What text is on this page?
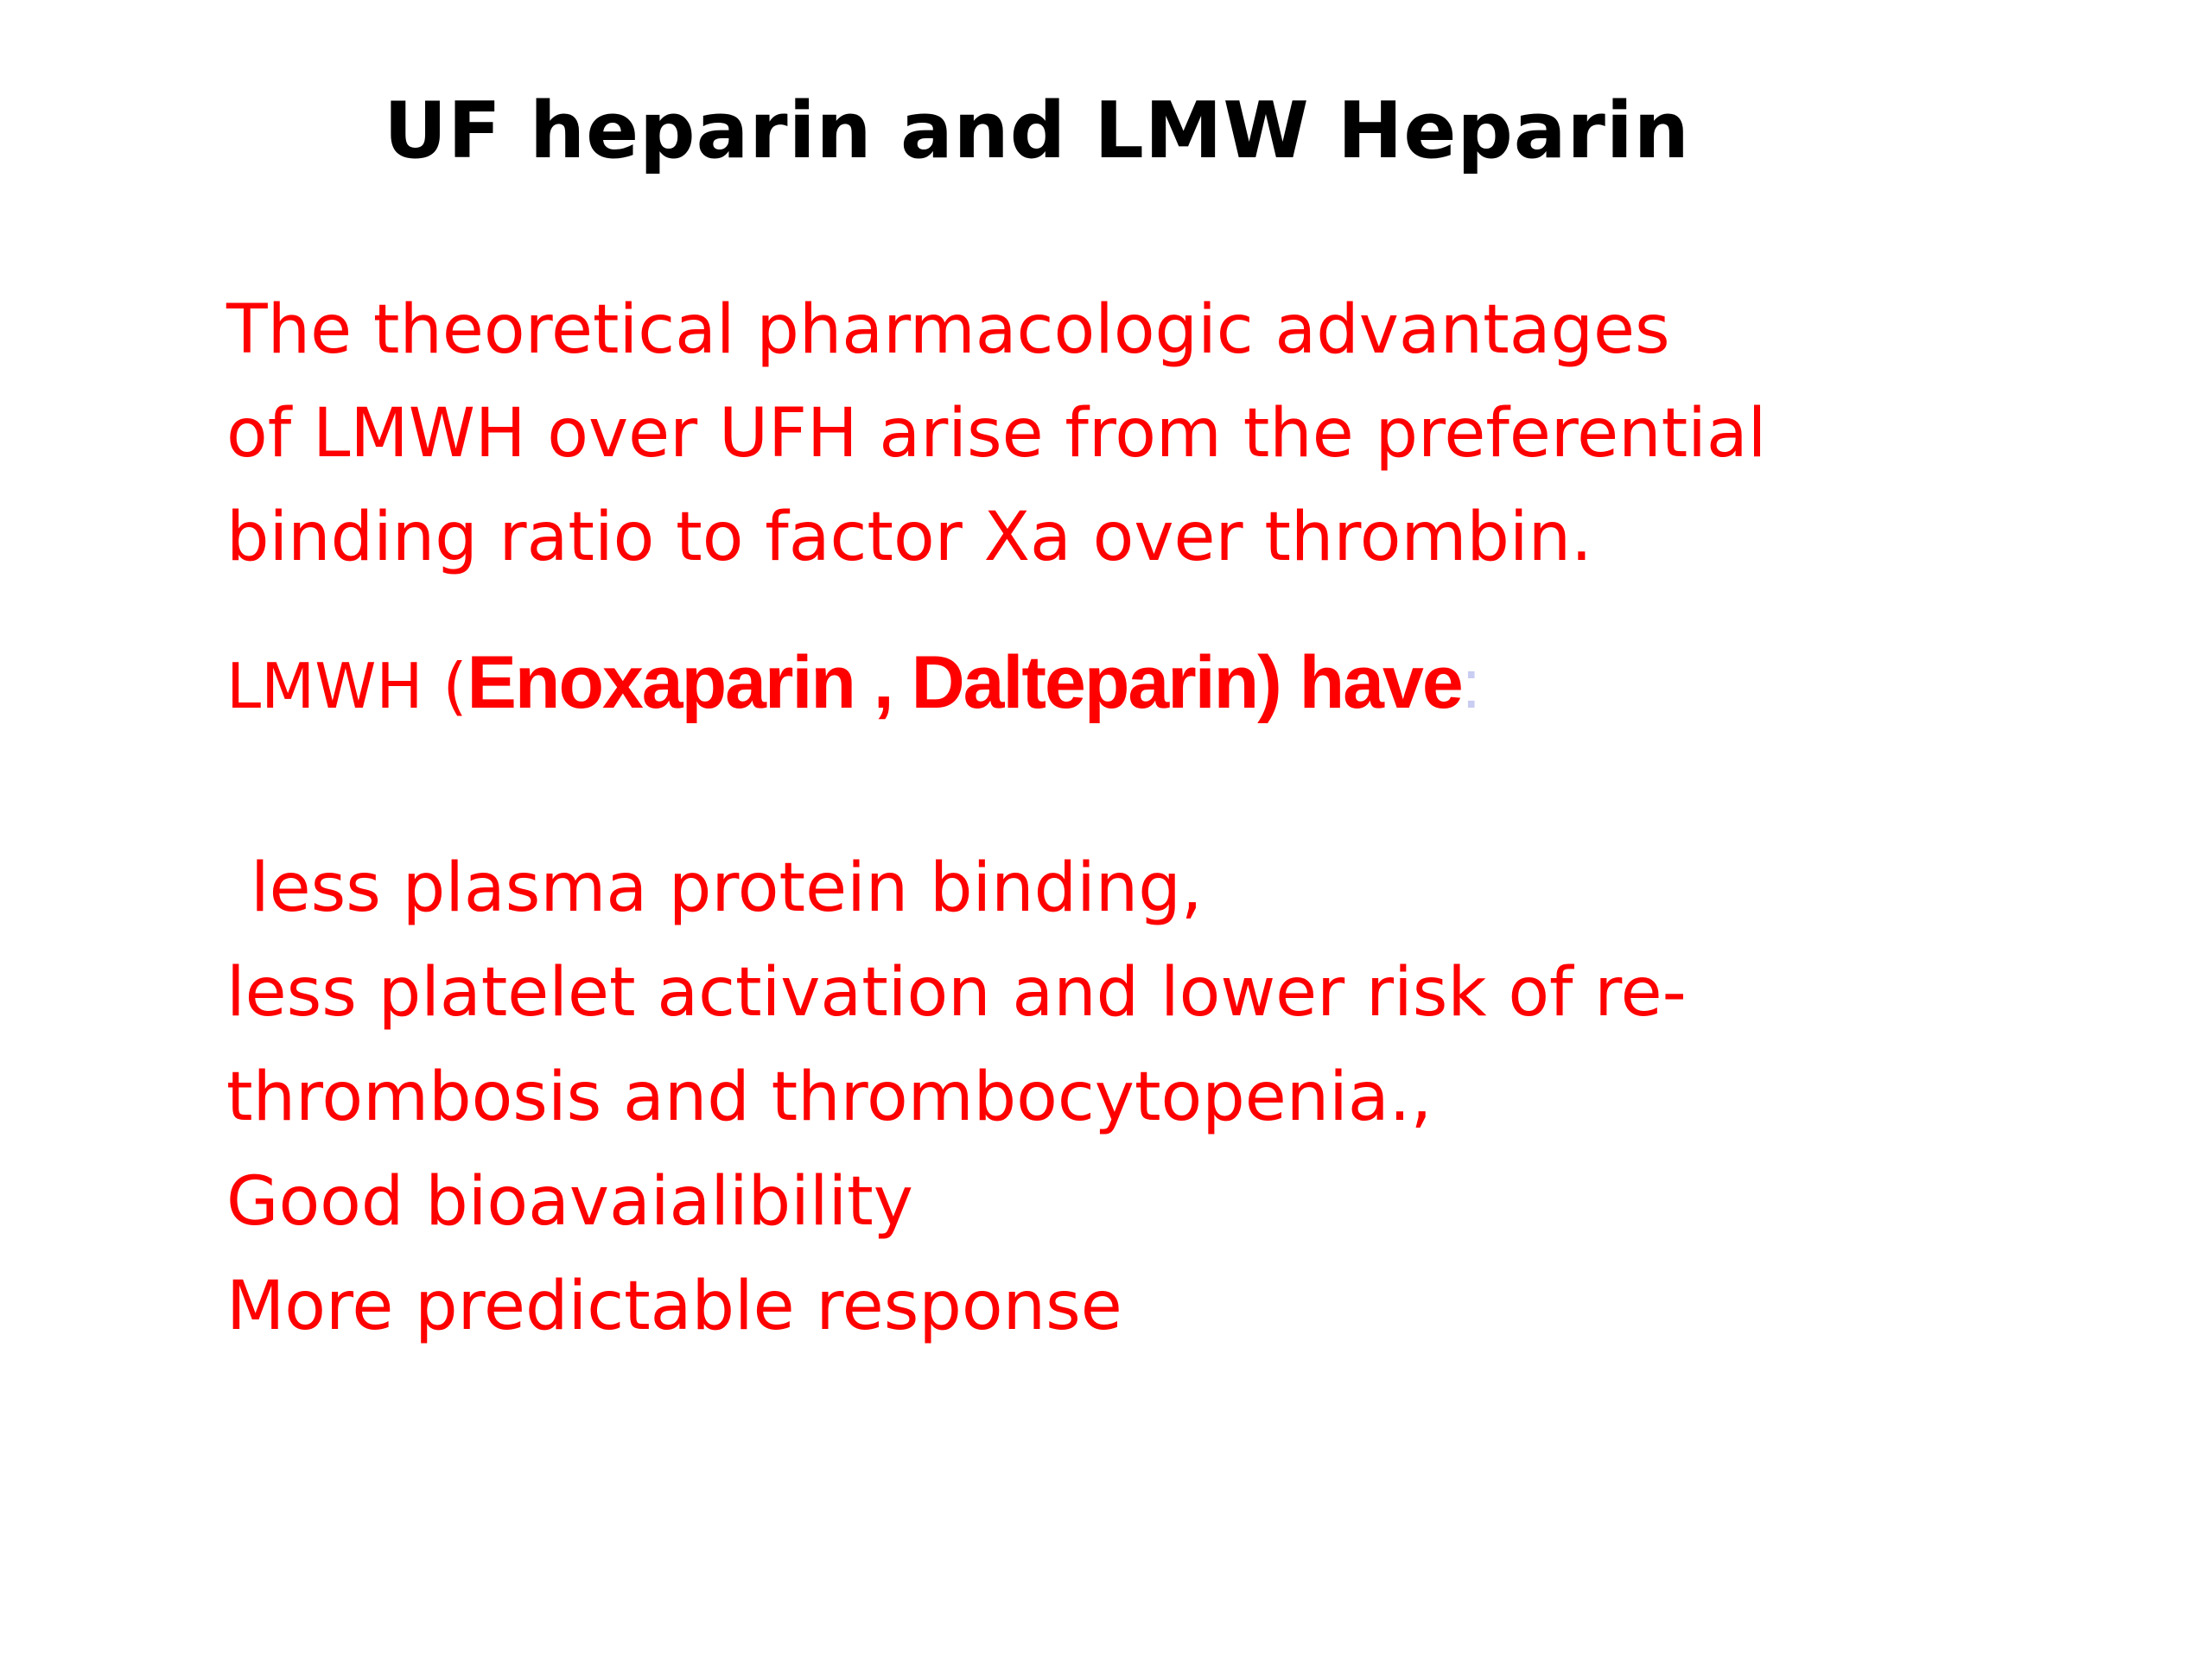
UF heparin and LMW Heparin
The theoretical pharmacologic advantages
of LMWH over UFH arise from the preferential
binding ratio to factor Xa over thrombin.
LMWH (Enoxaparin , Dalteparin) have:
less plasma protein binding,
less platelet activation and lower risk of re-
thrombosis and thrombocytopenia.,
Good bioavaialibility
More predictable response
